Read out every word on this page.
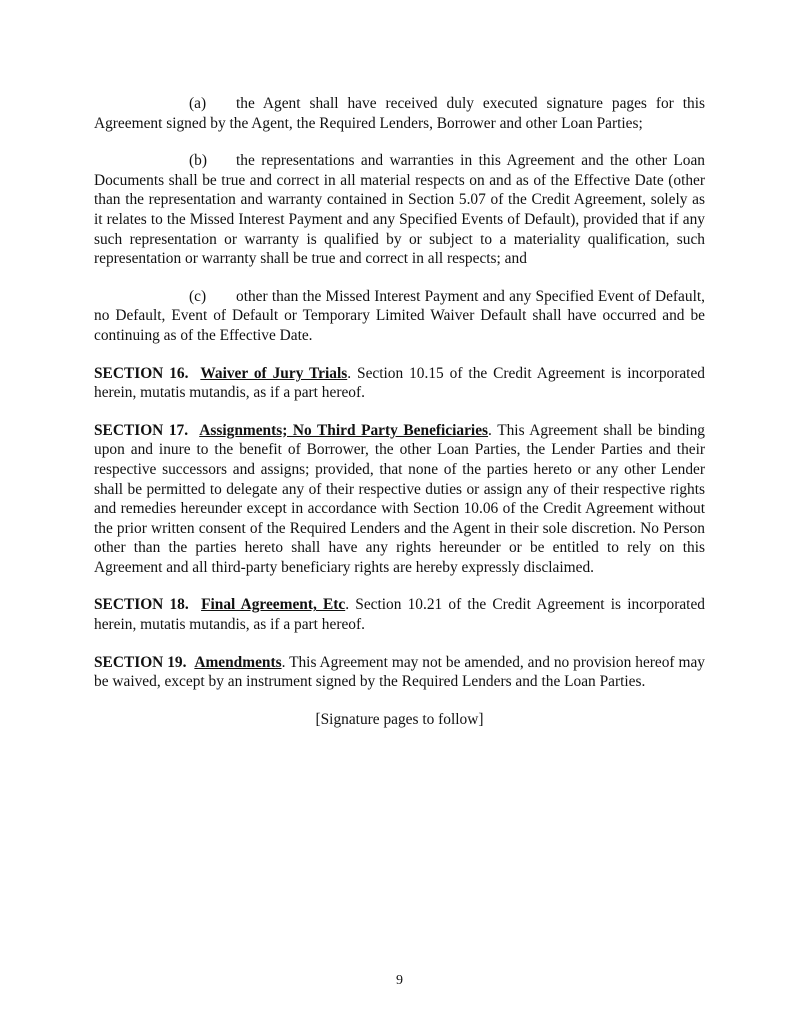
(a) the Agent shall have received duly executed signature pages for this Agreement signed by the Agent, the Required Lenders, Borrower and other Loan Parties;

(b) the representations and warranties in this Agreement and the other Loan Documents shall be true and correct in all material respects on and as of the Effective Date (other than the representation and warranty contained in Section 5.07 of the Credit Agreement, solely as it relates to the Missed Interest Payment and any Specified Events of Default), provided that if any such representation or warranty is qualified by or subject to a materiality qualification, such representation or warranty shall be true and correct in all respects; and

(c) other than the Missed Interest Payment and any Specified Event of Default, no Default, Event of Default or Temporary Limited Waiver Default shall have occurred and be continuing as of the Effective Date.

SECTION 16. Waiver of Jury Trials. Section 10.15 of the Credit Agreement is incorporated herein, mutatis mutandis, as if a part hereof.

SECTION 17. Assignments; No Third Party Beneficiaries. This Agreement shall be binding upon and inure to the benefit of Borrower, the other Loan Parties, the Lender Parties and their respective successors and assigns; provided, that none of the parties hereto or any other Lender shall be permitted to delegate any of their respective duties or assign any of their respective rights and remedies hereunder except in accordance with Section 10.06 of the Credit Agreement without the prior written consent of the Required Lenders and the Agent in their sole discretion. No Person other than the parties hereto shall have any rights hereunder or be entitled to rely on this Agreement and all third-party beneficiary rights are hereby expressly disclaimed.

SECTION 18. Final Agreement, Etc. Section 10.21 of the Credit Agreement is incorporated herein, mutatis mutandis, as if a part hereof.

SECTION 19. Amendments. This Agreement may not be amended, and no provision hereof may be waived, except by an instrument signed by the Required Lenders and the Loan Parties.

[Signature pages to follow]

9
